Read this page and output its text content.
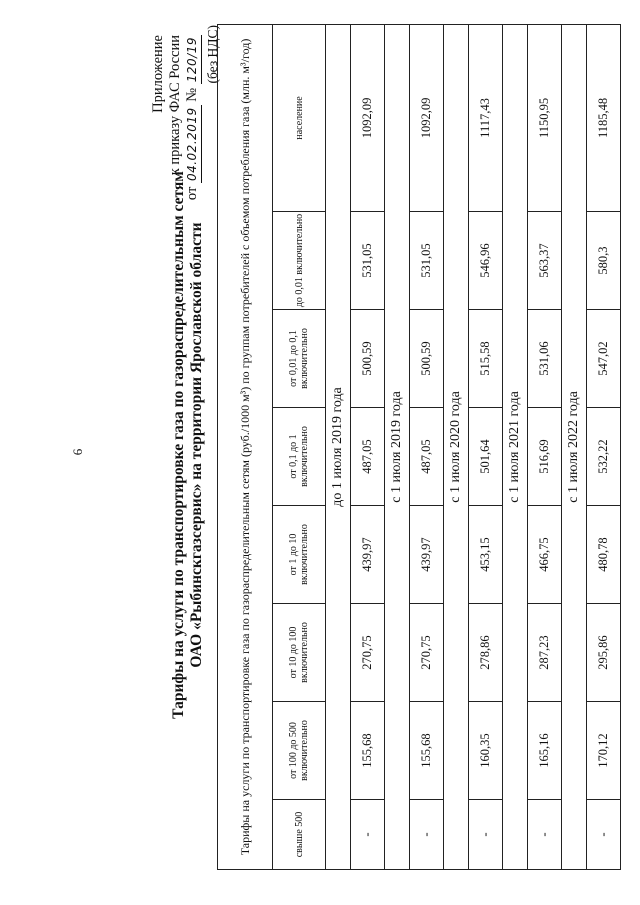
6
Приложение к приказу ФАС России
от 04.02.2019 № 120/19
Тарифы на услуги по транспортировке газа по газораспределительным сетям ОАО «Рыбинскгазсервис» на территории Ярославской области
(без НДС) Тарифы на услуги по транспортировке газа по газораспределительным сетям (руб./1000 м³) по группам потребителей с объемом потребления газа (млн. м³/год)							
свыше 500	от 100 до 500 включительно	от 10 до 100 включительно	от 1 до 10 включительно	от 0,1 до 1 включительно	от 0,01 до 0,1 включительно	до 0,01 включительно	население
до 1 июля 2019 года							
-	155,68	270,75	439,97	487,05	500,59	531,05	1092,09
с 1 июля 2019 года							
-	155,68	270,75	439,97	487,05	500,59	531,05	1092,09
с 1 июля 2020 года							
-	160,35	278,86	453,15	501,64	515,58	546,96	1117,43
с 1 июля 2021 года							
-	165,16	287,23	466,75	516,69	531,06	563,37	1150,95
с 1 июля 2022 года							
-	170,12	295,86	480,78	532,22	547,02	580,3	1185,48
